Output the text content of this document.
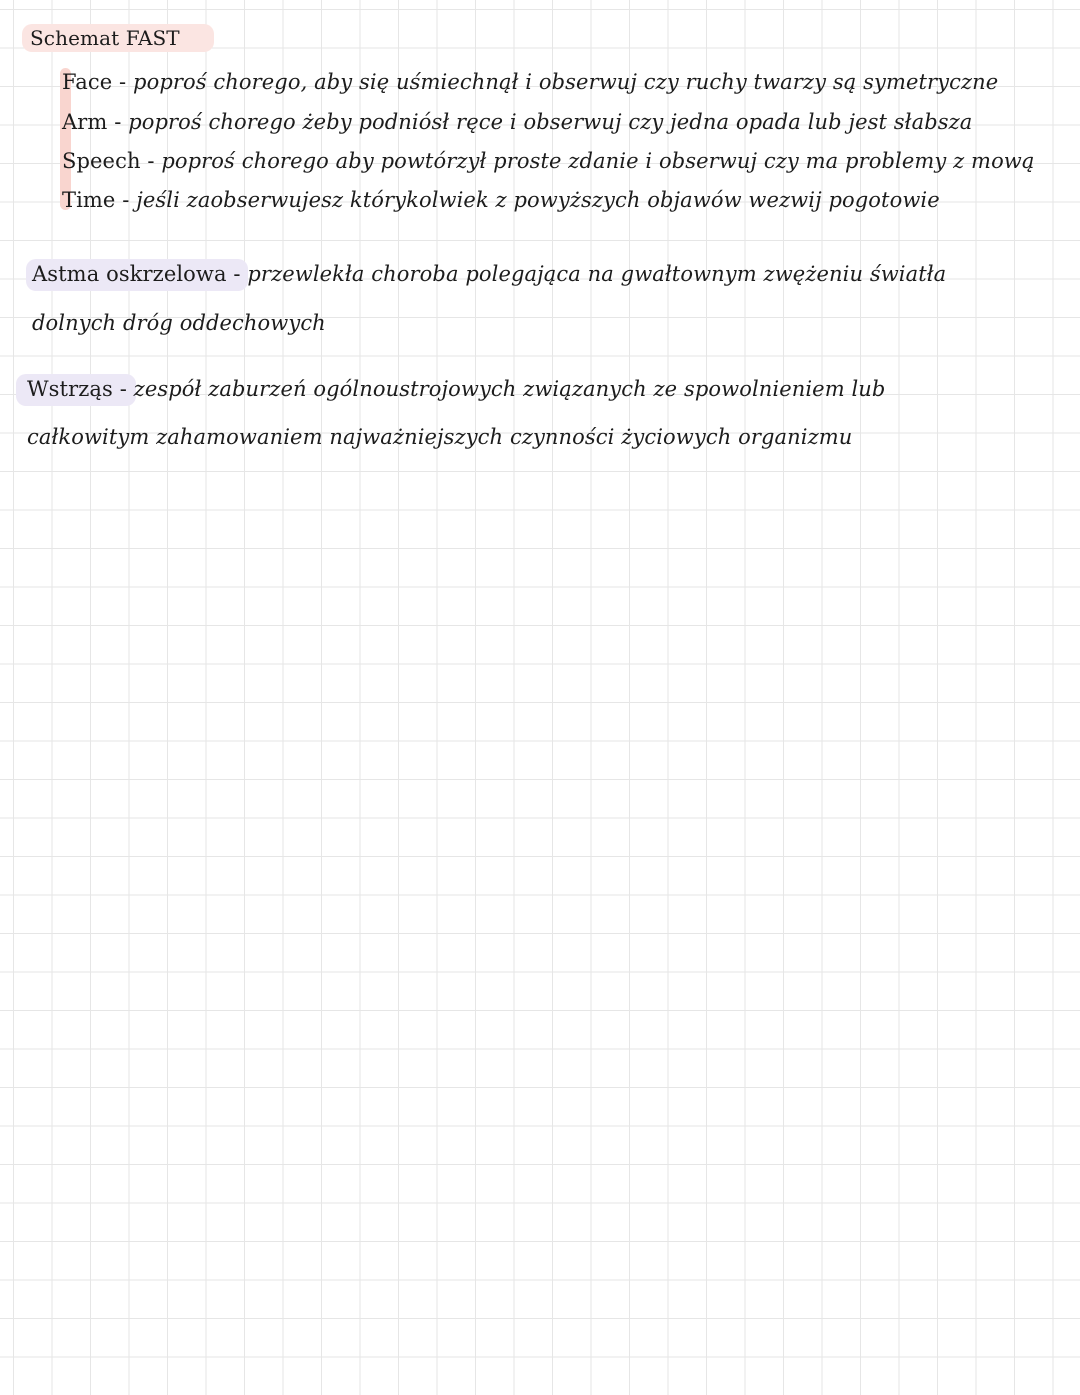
Schemat FAST
Face - poproś chorego, aby się uśmiechnął i obserwuj czy ruchy twarzy są symetryczne
Arm - poproś chorego żeby podniósł ręce i obserwuj czy jedna opada lub jest słabsza
Speech - poproś chorego aby powtórzył proste zdanie i obserwuj czy ma problemy z mową
Time - jeśli zaobserwujesz którykolwiek z powyższych objawów wezwij pogotowie
Astma oskrzelowa - przewlekła choroba polegająca na gwałtownym zwężeniu światła
dolnych dróg oddechowych
Wstrząs - zespół zaburzeń ogólnoustrojowych związanych ze spowolnieniem lub
całkowitym zahamowaniem najważniejszych czynności życiowych organizmu
